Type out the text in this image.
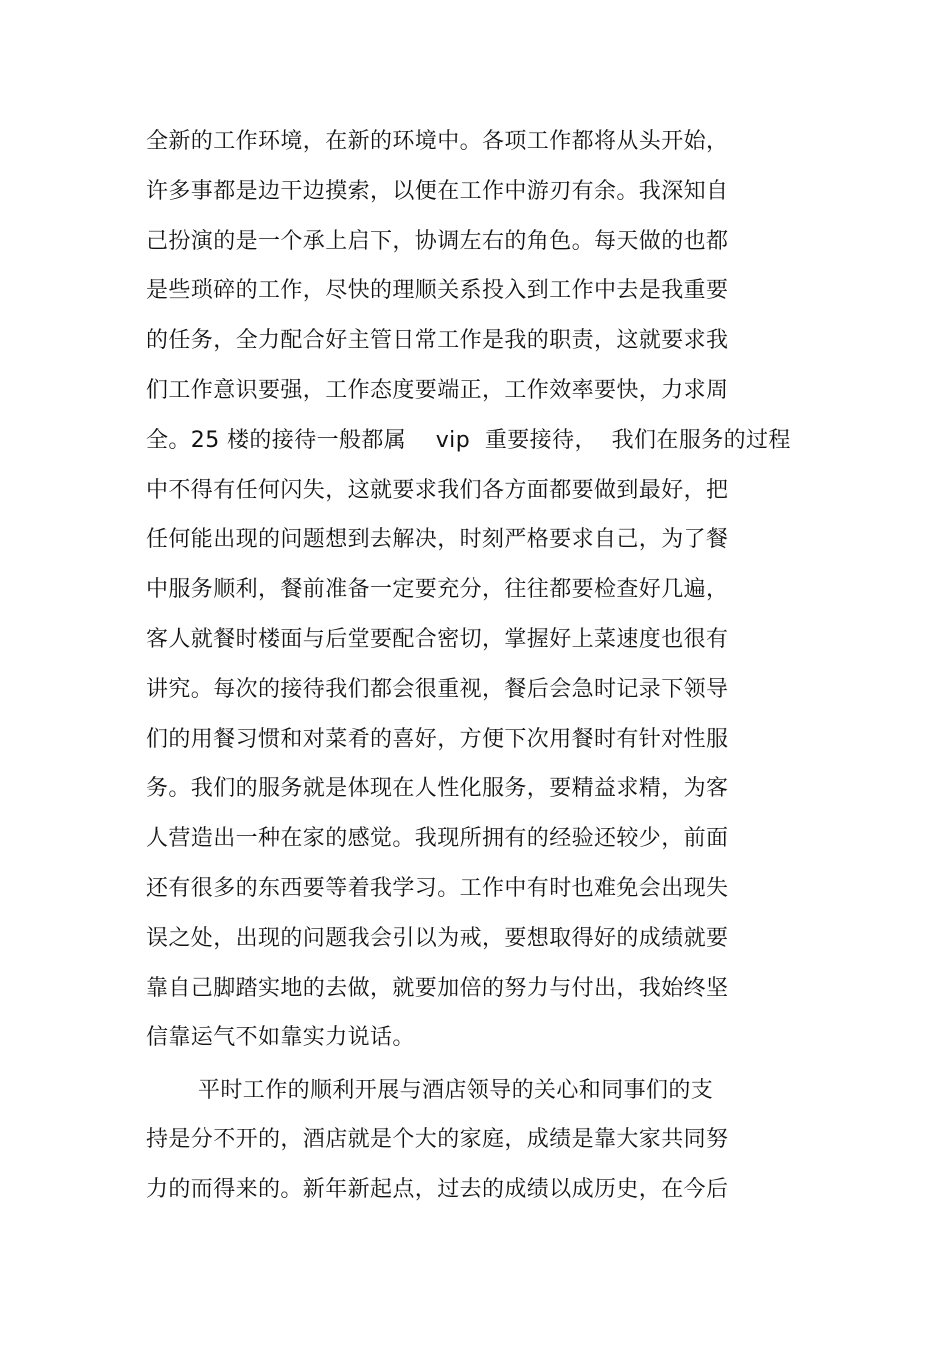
全新的工作环境，在新的环境中。各项工作都将从头开始，
许多事都是边干边摸索，以便在工作中游刃有余。我深知自
己扮演的是一个承上启下，协调左右的角色。每天做的也都
是些琐碎的工作，尽快的理顺关系投入到工作中去是我重要
的任务，全力配合好主管日常工作是我的职责，这就要求我
们工作意识要强，工作态度要端正，工作效率要快，力求周
全。25 楼的接待一般都属    vip  重要接待，  我们在服务的过程
中不得有任何闪失，这就要求我们各方面都要做到最好，把
任何能出现的问题想到去解决，时刻严格要求自己，为了餐
中服务顺利，餐前准备一定要充分，往往都要检查好几遍，
客人就餐时楼面与后堂要配合密切，掌握好上菜速度也很有
讲究。每次的接待我们都会很重视，餐后会急时记录下领导
们的用餐习惯和对菜肴的喜好，方便下次用餐时有针对性服
务。我们的服务就是体现在人性化服务，要精益求精，为客
人营造出一种在家的感觉。我现所拥有的经验还较少，前面
还有很多的东西要等着我学习。工作中有时也难免会出现失
误之处，出现的问题我会引以为戒，要想取得好的成绩就要
靠自己脚踏实地的去做，就要加倍的努力与付出，我始终坚
信靠运气不如靠实力说话。
平时工作的顺利开展与酒店领导的关心和同事们的支
持是分不开的，酒店就是个大的家庭，成绩是靠大家共同努
力的而得来的。新年新起点，过去的成绩以成历史，在今后
